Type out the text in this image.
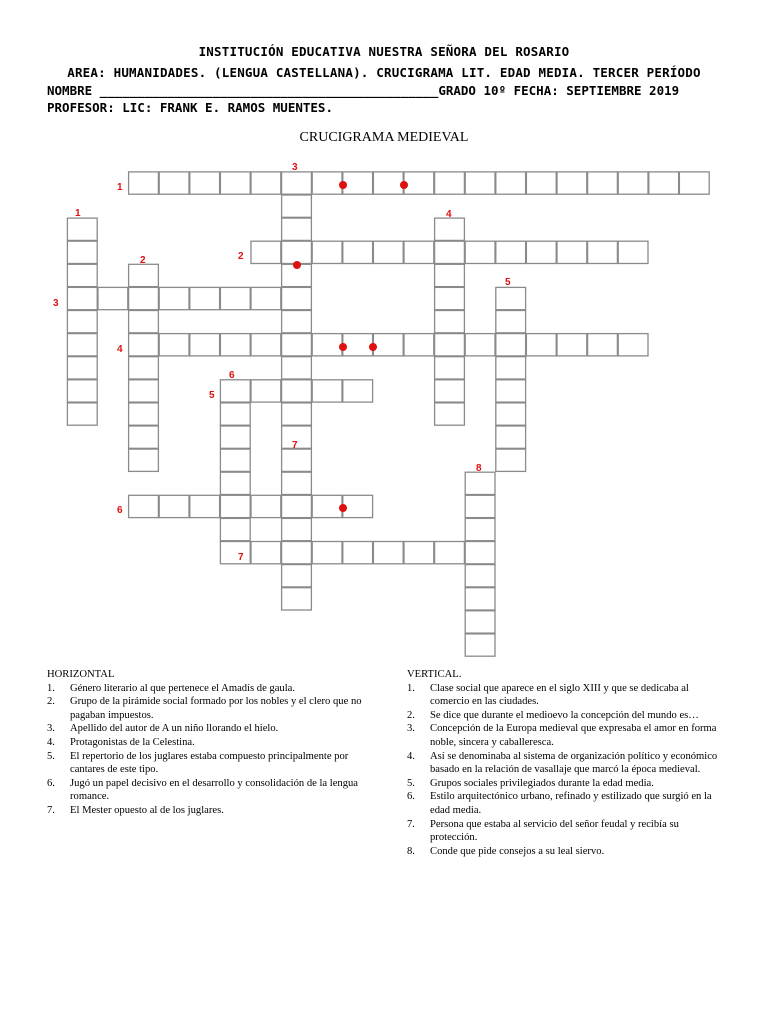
INSTITUCIÓN EDUCATIVA NUESTRA SEÑORA DEL ROSARIO
AREA: HUMANIDADES. (LENGUA CASTELLANA). CRUCIGRAMA LIT. EDAD MEDIA. TERCER PERÍODO
NOMBRE _____________________________________________GRADO 10º FECHA: SEPTIEMBRE 2019
PROFESOR: LIC: FRANK E. RAMOS MUENTES.
CRUCIGRAMA MEDIEVAL
1
2
3
4
5
6
7
1
2
3
4
5
6
7
8
HORIZONTAL
1. Género literario al que pertenece el Amadís de gaula.
2. Grupo de la pirámide social formado por los nobles y el clero que no pagaban impuestos.
3. Apellido del autor de A un niño llorando el hielo.
4. Protagonistas de la Celestina.
5. El repertorio de los juglares estaba compuesto principalmente por cantares de este tipo.
6. Jugó un papel decisivo en el desarrollo y consolidación de la lengua romance.
7. El Mester opuesto al de los juglares.
VERTICAL.
1. Clase social que aparece en el siglo XIII y que se dedicaba al comercio en las ciudades.
2. Se dice que durante el medioevo la concepción del mundo es…
3. Concepción de la Europa medieval que expresaba el amor en forma noble, sincera y caballeresca.
4. Así se denominaba al sistema de organización político y económico basado en la relación de vasallaje que marcó la época medieval.
5. Grupos sociales privilegiados durante la edad media.
6. Estilo arquitectónico urbano, refinado y estilizado que surgió en la edad media.
7. Persona que estaba al servicio del señor feudal y recibía su protección.
8. Conde que pide consejos a su leal siervo.
